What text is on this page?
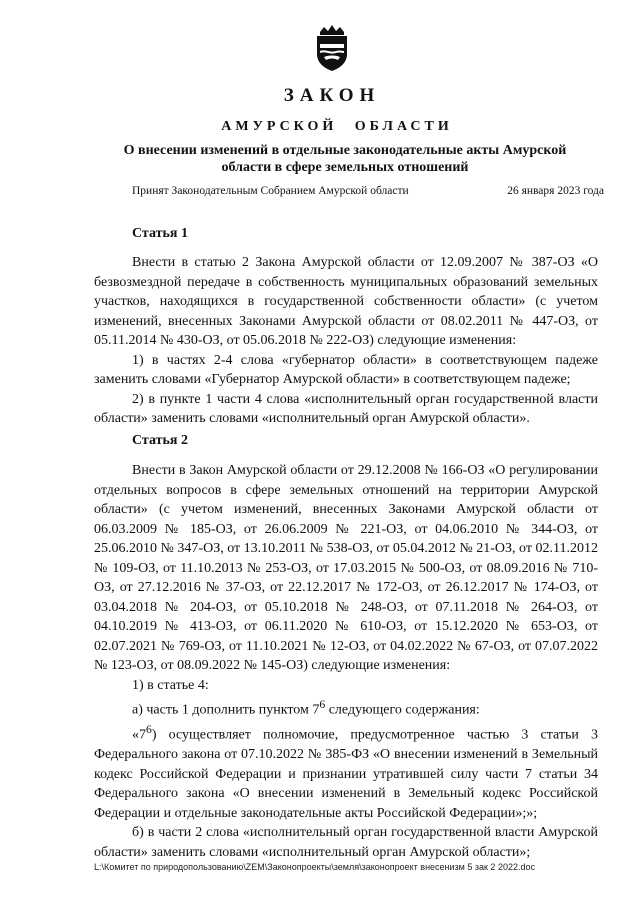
ЗАКОН
АМУРСКОЙ ОБЛАСТИ
О внесении изменений в отдельные законодательные акты Амурской области в сфере земельных отношений
Принят Законодательным Собранием Амурской области	26 января 2023 года
Статья 1

Внести в статью 2 Закона Амурской области от 12.09.2007 № 387-ОЗ «О безвозмездной передаче в собственность муниципальных образований земельных участков, находящихся в государственной собственности области» (с учетом изменений, внесенных Законами Амурской области от 08.02.2011 № 447-ОЗ, от 05.11.2014 № 430-ОЗ, от 05.06.2018 № 222-ОЗ) следующие изменения:

1) в частях 2-4 слова «губернатор области» в соответствующем падеже заменить словами «Губернатор Амурской области» в соответствующем падеже;

2) в пункте 1 части 4 слова «исполнительный орган государственной власти области» заменить словами «исполнительный орган Амурской области».

Статья 2

Внести в Закон Амурской области от 29.12.2008 № 166-ОЗ «О регулировании отдельных вопросов в сфере земельных отношений на территории Амурской области» (с учетом изменений, внесенных Законами Амурской области от 06.03.2009 № 185-ОЗ, от 26.06.2009 № 221-ОЗ, от 04.06.2010 № 344-ОЗ, от 25.06.2010 № 347-ОЗ, от 13.10.2011 № 538-ОЗ, от 05.04.2012 № 21-ОЗ, от 02.11.2012 № 109-ОЗ, от 11.10.2013 № 253-ОЗ, от 17.03.2015 № 500-ОЗ, от 08.09.2016 № 710-ОЗ, от 27.12.2016 № 37-ОЗ, от 22.12.2017 № 172-ОЗ, от 26.12.2017 № 174-ОЗ, от 03.04.2018 № 204-ОЗ, от 05.10.2018 № 248-ОЗ, от 07.11.2018 № 264-ОЗ, от 04.10.2019 № 413-ОЗ, от 06.11.2020 № 610-ОЗ, от 15.12.2020 № 653-ОЗ, от 02.07.2021 № 769-ОЗ, от 11.10.2021 № 12-ОЗ, от 04.02.2022 № 67-ОЗ, от 07.07.2022 № 123-ОЗ, от 08.09.2022 № 145-ОЗ) следующие изменения:

1) в статье 4:

а) часть 1 дополнить пунктом $7^6$ следующего содержания:

«$7^6$) осуществляет полномочие, предусмотренное частью 3 статьи 3 Федерального закона от 07.10.2022 № 385-ФЗ «О внесении изменений в Земельный кодекс Российской Федерации и признании утратившей силу части 7 статьи 34 Федерального закона «О внесении изменений в Земельный кодекс Российской Федерации и отдельные законодательные акты Российской Федерации»;»;

б) в части 2 слова «исполнительный орган государственной власти Амурской области» заменить словами «исполнительный орган Амурской области»;

L:\Комитет по природопользованию\ZEM\Законопроекты\земля\законопроект внесенизм 5 зак 2 2022.doc
